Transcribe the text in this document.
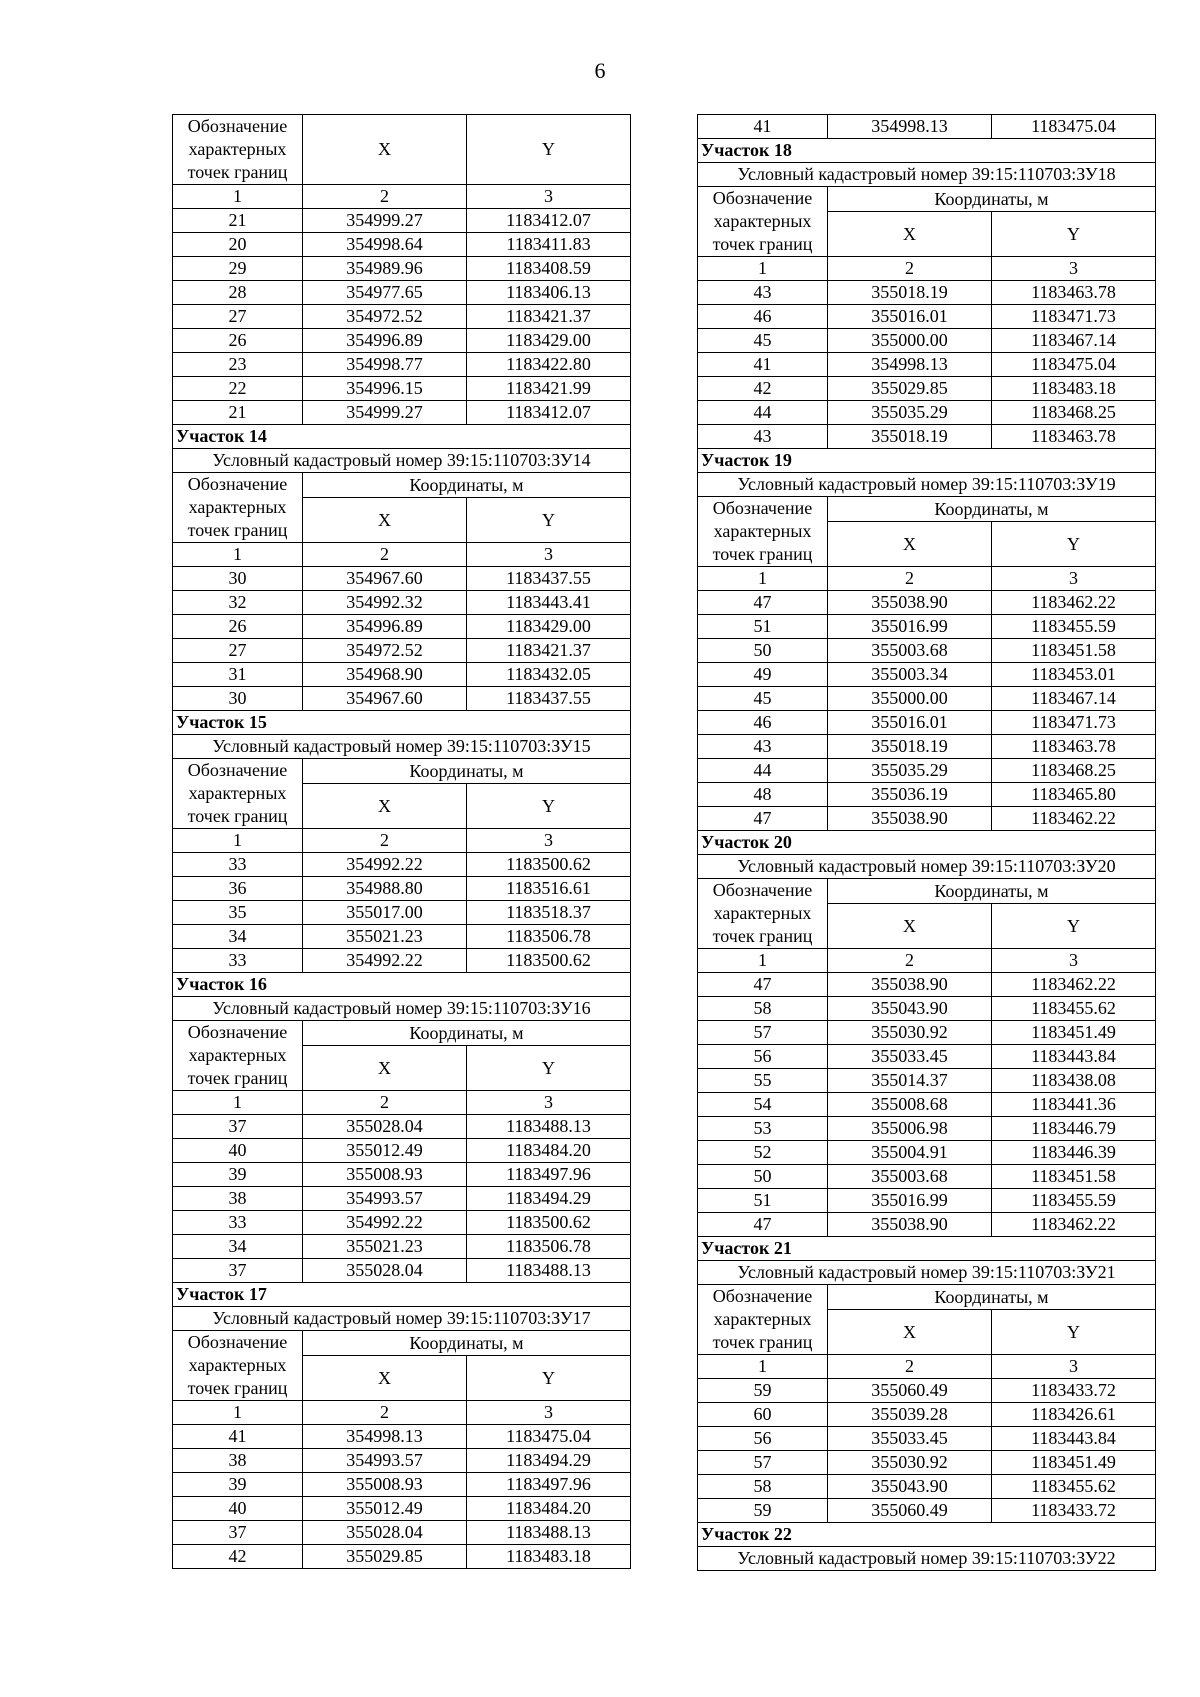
6
Обозначение характерных точек границ	X	Y
1	2	3
21	354999.27	1183412.07
20	354998.64	1183411.83
29	354989.96	1183408.59
28	354977.65	1183406.13
27	354972.52	1183421.37
26	354996.89	1183429.00
23	354998.77	1183422.80
22	354996.15	1183421.99
21	354999.27	1183412.07
Участок 14		
Условный кадастровый номер 39:15:110703:ЗУ14		
Обозначение характерных точек границ	Координаты, м	
	X	Y
1	2	3
30	354967.60	1183437.55
32	354992.32	1183443.41
26	354996.89	1183429.00
27	354972.52	1183421.37
31	354968.90	1183432.05
30	354967.60	1183437.55
Участок 15		
Условный кадастровый номер 39:15:110703:ЗУ15		
Обозначение характерных точек границ	Координаты, м	
	X	Y
1	2	3
33	354992.22	1183500.62
36	354988.80	1183516.61
35	355017.00	1183518.37
34	355021.23	1183506.78
33	354992.22	1183500.62
Участок 16		
Условный кадастровый номер 39:15:110703:ЗУ16		
Обозначение характерных точек границ	Координаты, м	
	X	Y
1	2	3
37	355028.04	1183488.13
40	355012.49	1183484.20
39	355008.93	1183497.96
38	354993.57	1183494.29
33	354992.22	1183500.62
34	355021.23	1183506.78
37	355028.04	1183488.13
Участок 17		
Условный кадастровый номер 39:15:110703:ЗУ17		
Обозначение характерных точек границ	Координаты, м	
	X	Y
1	2	3
41	354998.13	1183475.04
38	354993.57	1183494.29
39	355008.93	1183497.96
40	355012.49	1183484.20
37	355028.04	1183488.13
42	355029.85	1183483.18
41	354998.13	1183475.04
Участок 18		
Условный кадастровый номер 39:15:110703:ЗУ18		
Обозначение характерных точек границ	Координаты, м	
	X	Y
1	2	3
43	355018.19	1183463.78
46	355016.01	1183471.73
45	355000.00	1183467.14
41	354998.13	1183475.04
42	355029.85	1183483.18
44	355035.29	1183468.25
43	355018.19	1183463.78
Участок 19		
Условный кадастровый номер 39:15:110703:ЗУ19		
Обозначение характерных точек границ	Координаты, м	
	X	Y
1	2	3
47	355038.90	1183462.22
51	355016.99	1183455.59
50	355003.68	1183451.58
49	355003.34	1183453.01
45	355000.00	1183467.14
46	355016.01	1183471.73
43	355018.19	1183463.78
44	355035.29	1183468.25
48	355036.19	1183465.80
47	355038.90	1183462.22
Участок 20		
Условный кадастровый номер 39:15:110703:ЗУ20		
Обозначение характерных точек границ	Координаты, м	
	X	Y
1	2	3
47	355038.90	1183462.22
58	355043.90	1183455.62
57	355030.92	1183451.49
56	355033.45	1183443.84
55	355014.37	1183438.08
54	355008.68	1183441.36
53	355006.98	1183446.79
52	355004.91	1183446.39
50	355003.68	1183451.58
51	355016.99	1183455.59
47	355038.90	1183462.22
Участок 21		
Условный кадастровый номер 39:15:110703:ЗУ21		
Обозначение характерных точек границ	Координаты, м	
	X	Y
1	2	3
59	355060.49	1183433.72
60	355039.28	1183426.61
56	355033.45	1183443.84
57	355030.92	1183451.49
58	355043.90	1183455.62
59	355060.49	1183433.72
Участок 22		
Условный кадастровый номер 39:15:110703:ЗУ22		
